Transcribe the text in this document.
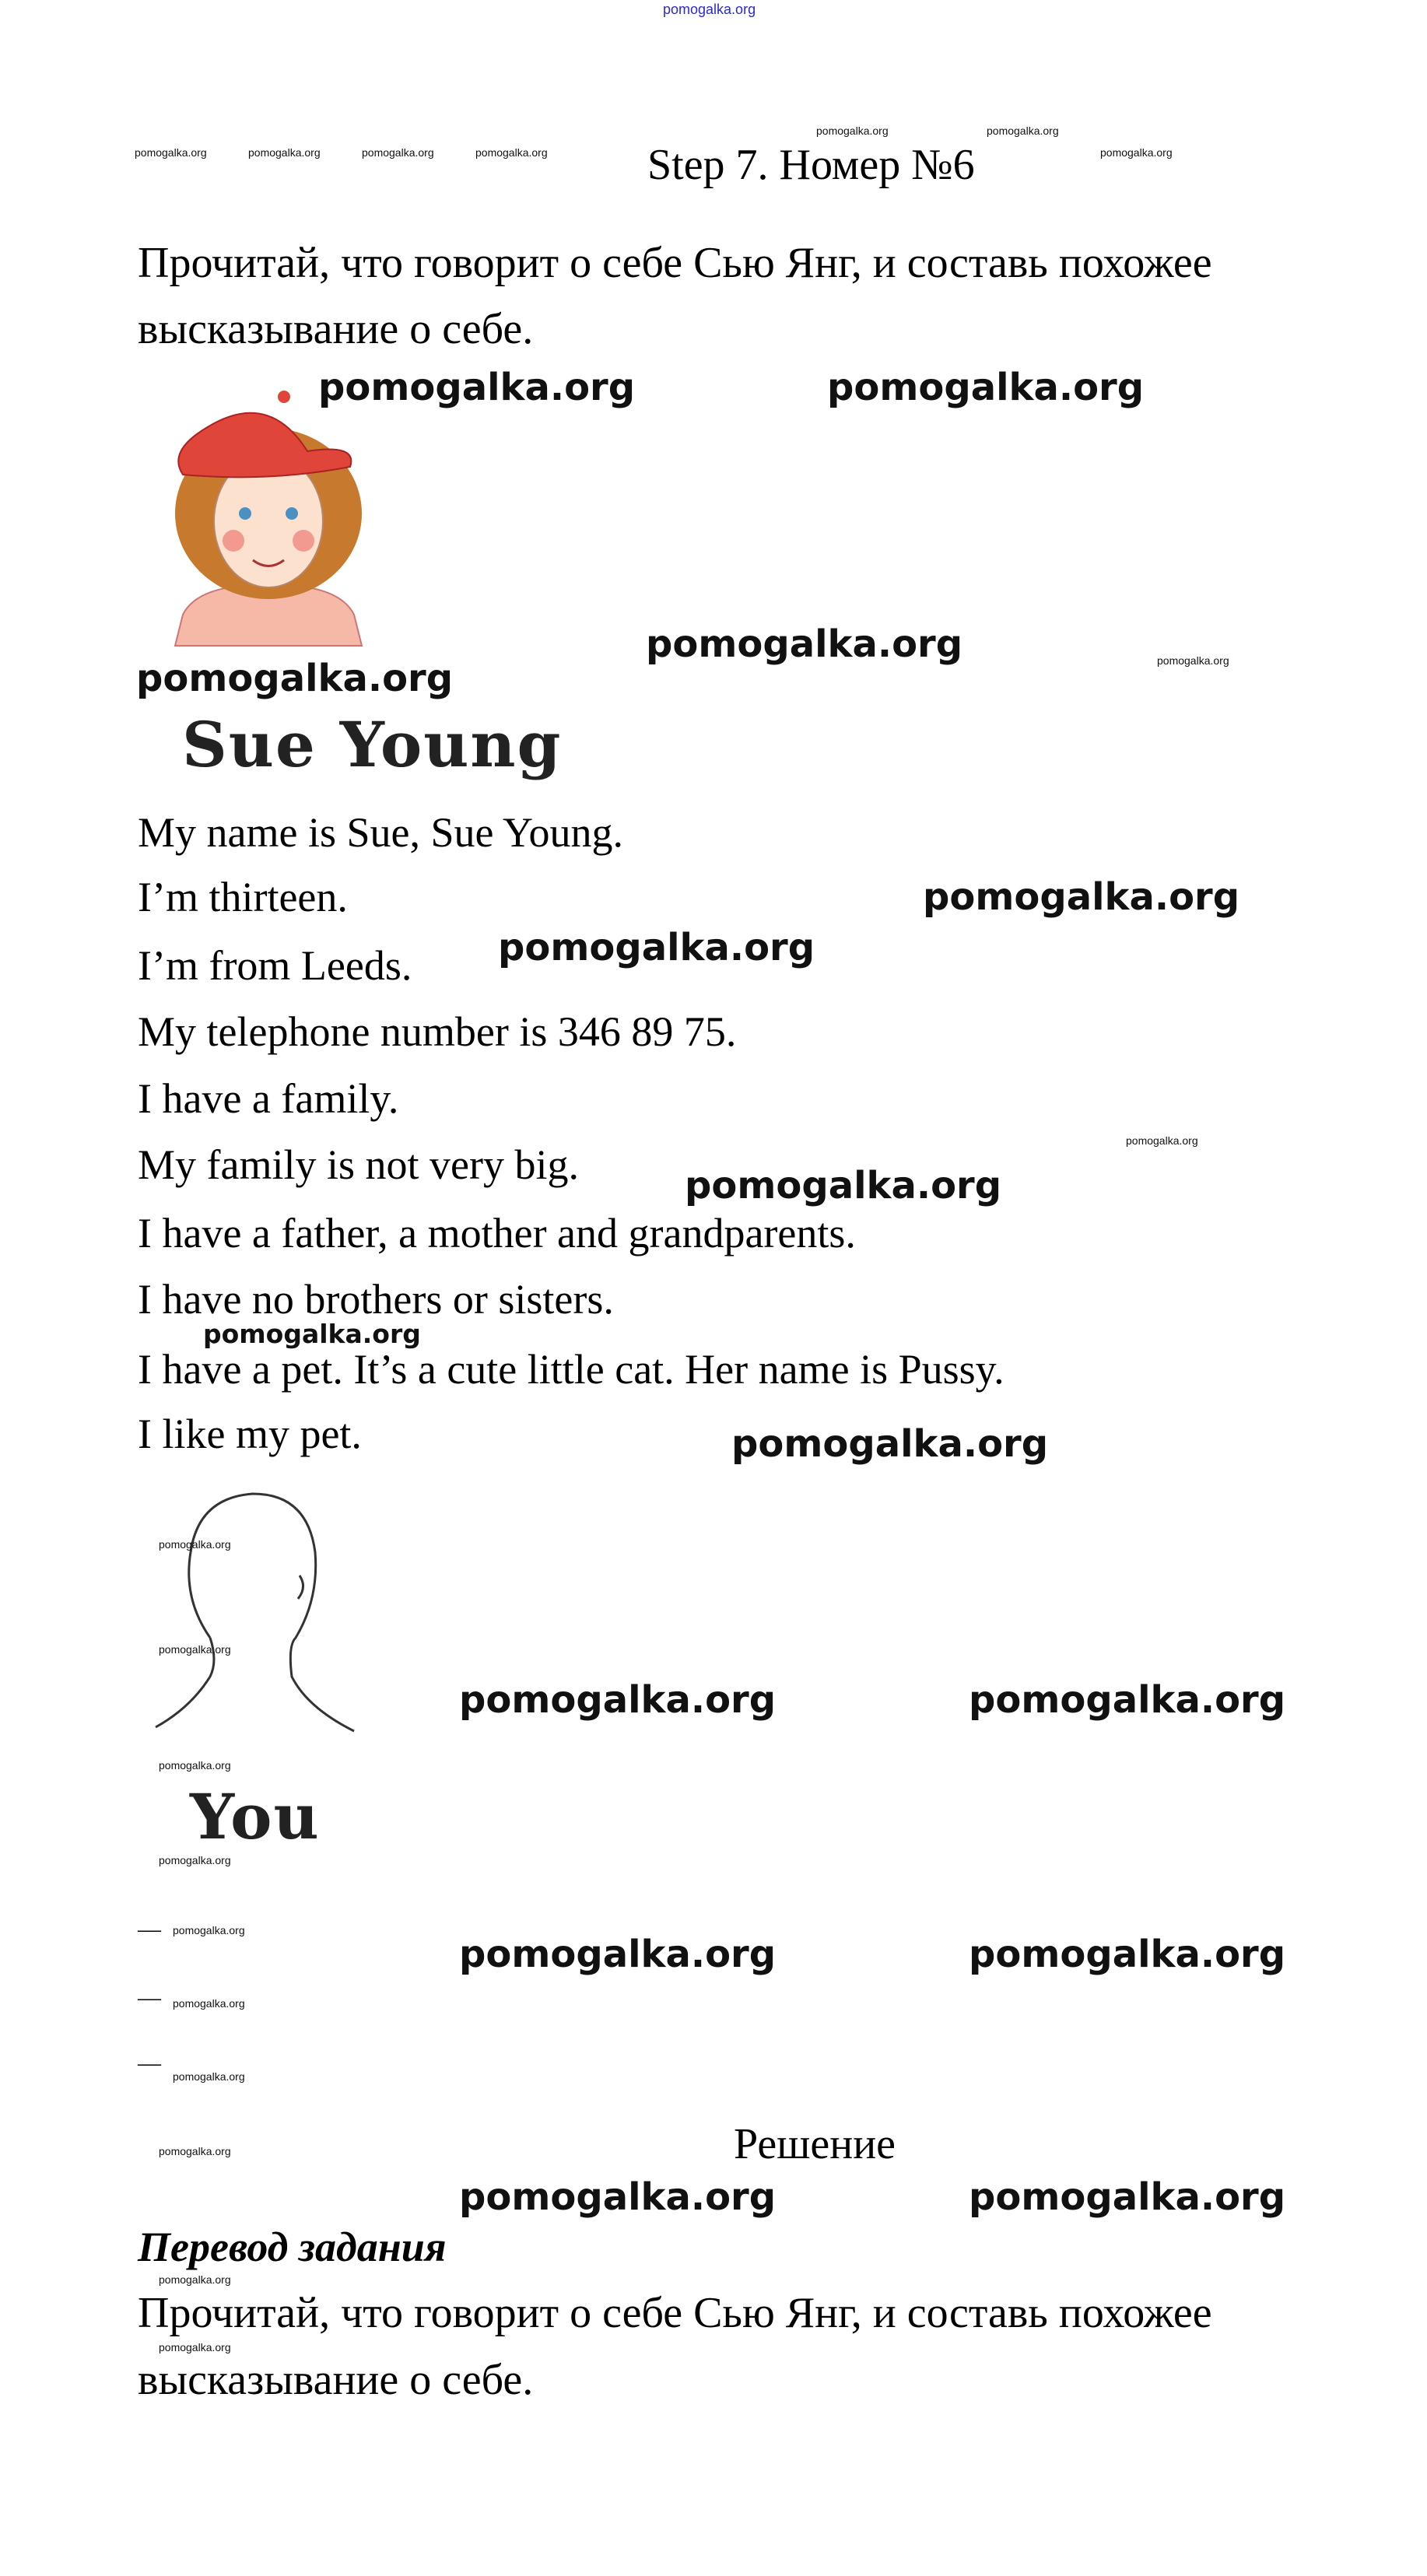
pomogalka.org
pomogalka.org	pomogalka.org	pomogalka.org	pomogalka.org Step 7. Номер №6
pomogalka.org	pomogalka.org
pomogalka.org
Прочитай, что говорит о себе Сью Янг, и составь похожее
высказывание о себе.
pomogalka.org	pomogalka.org
pomogalka.org	pomogalka.org
pomogalka.org
Sue Young
My name is Sue, Sue Young.
I’m thirteen.
I’m from Leeds.
My telephone number is 346 89 75.
I have a family.
My family is not very big.
I have a father, a mother and grandparents.
I have no brothers or sisters.
I have a pet. It’s a cute little cat. Her name is Pussy.
I like my pet.
pomogalka.org
pomogalka.org
pomogalka.org
pomogalka.org
pomogalka.org
pomogalka.org
pomogalka.org
pomogalka.org
pomogalka.org	pomogalka.org
pomogalka.org
You
pomogalka.org
— pomogalka.org
pomogalka.org	pomogalka.org
— pomogalka.org
—
pomogalka.org
Решение
pomogalka.org
pomogalka.org	pomogalka.org
Перевод задания
pomogalka.org
Прочитай, что говорит о себе Сью Янг, и составь похожее
pomogalka.org
высказывание о себе.
